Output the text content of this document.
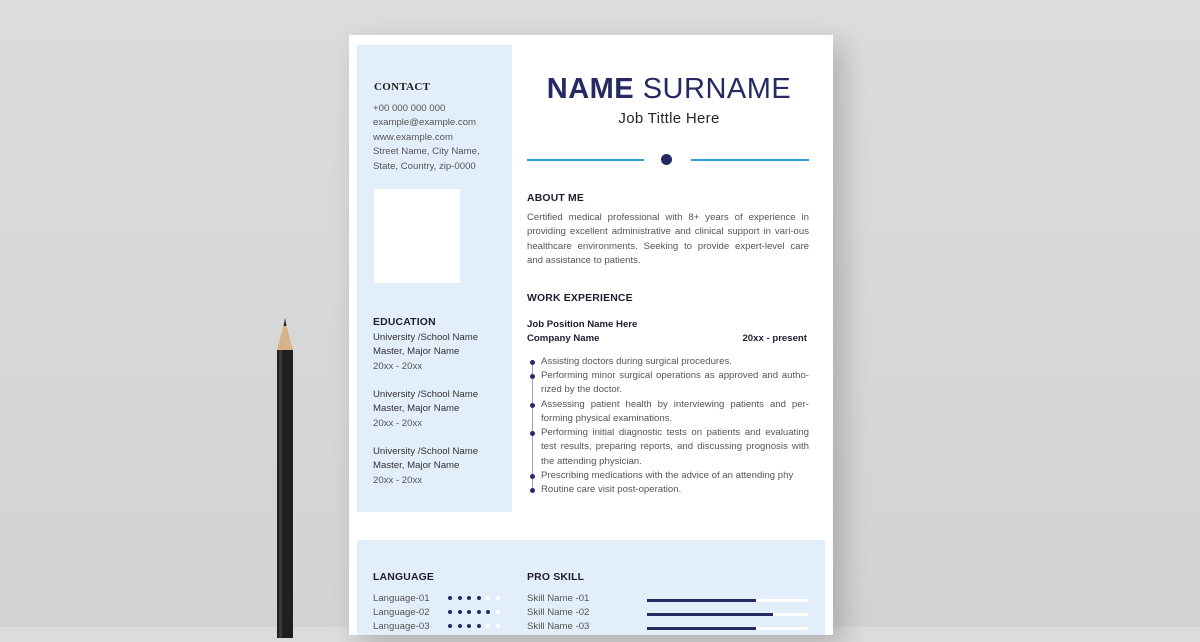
CONTACT
+00 000 000 000
example@example.com
www.example.com
Street Name, City Name,
State, Country, zip-0000
EDUCATION
University /School Name
Master, Major Name
20xx - 20xx
University /School Name
Master, Major Name
20xx - 20xx
University /School Name
Master, Major Name
20xx - 20xx
NAME SURNAME
Job Tittle Here
ABOUT ME
Certified medical professional with 8+ years of experience in providing excellent administrative and clinical support in vari-ous healthcare environments. Seeking to provide expert-level care and assistance to patients.
WORK EXPERIENCE
Job Position Name Here
Company Name	20xx - present
Assisting doctors during surgical procedures.
Performing minor surgical operations as approved and autho-rized by the doctor.
Assessing patient health by interviewing patients and per-forming physical examinations.
Performing initial diagnostic tests on patients and evaluating test results, preparing reports, and discussing prognosis with the attending physician.
Prescribing medications with the advice of an attending phy
Routine care visit post-operation.
LANGUAGE	PRO SKILL
Language-01
Language-02
Language-03
Skill Name -01
Skill Name -02
Skill Name -03
